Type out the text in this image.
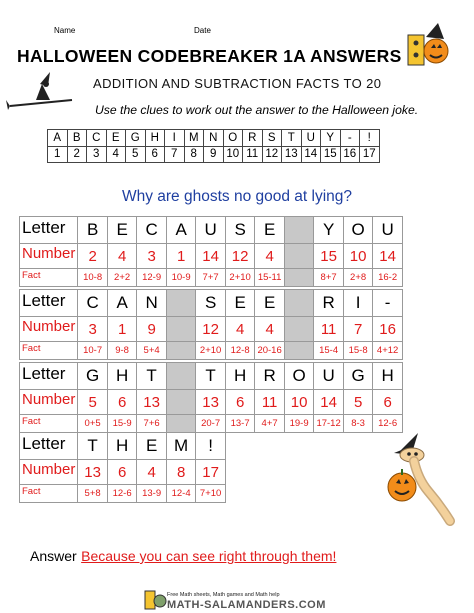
Name	Date
HALLOWEEN CODEBREAKER 1A ANSWERS
ADDITION AND SUBTRACTION FACTS TO 20
Use the clues to work out the answer to the Halloween joke.
A	B	C	E	G	H	I	M	N	O	R	S	T	U	Y	-	!
1	2	3	4	5	6	7	8	9	10	11	12	13	14	15	16	17
Why are ghosts no good at lying?
Letter	B	E	C	A	U	S	E		Y	O	U
Number	2	4	3	1	14	12	4		15	10	14
Fact	10-8	2+2	12-9	10-9	7+7	2+10	15-11		8+7	2+8	16-2
Letter	C	A	N		S	E	E		R	I	-
Number	3	1	9		12	4	4		11	7	16
Fact	10-7	9-8	5+4		2+10	12-8	20-16		15-4	15-8	4+12
Letter	G	H	T		T	H	R	O	U	G	H
Number	5	6	13		13	6	11	10	14	5	6
Fact	0+5	15-9	7+6		20-7	13-7	4+7	19-9	17-12	8-3	12-6
Letter	T	H	E	M	!
Number	13	6	4	8	17
Fact	5+8	12-6	13-9	12-4	7+10
Answer Because you can see right through them!
Free Math sheets, Math games and Math help
MATH-SALAMANDERS.COM
